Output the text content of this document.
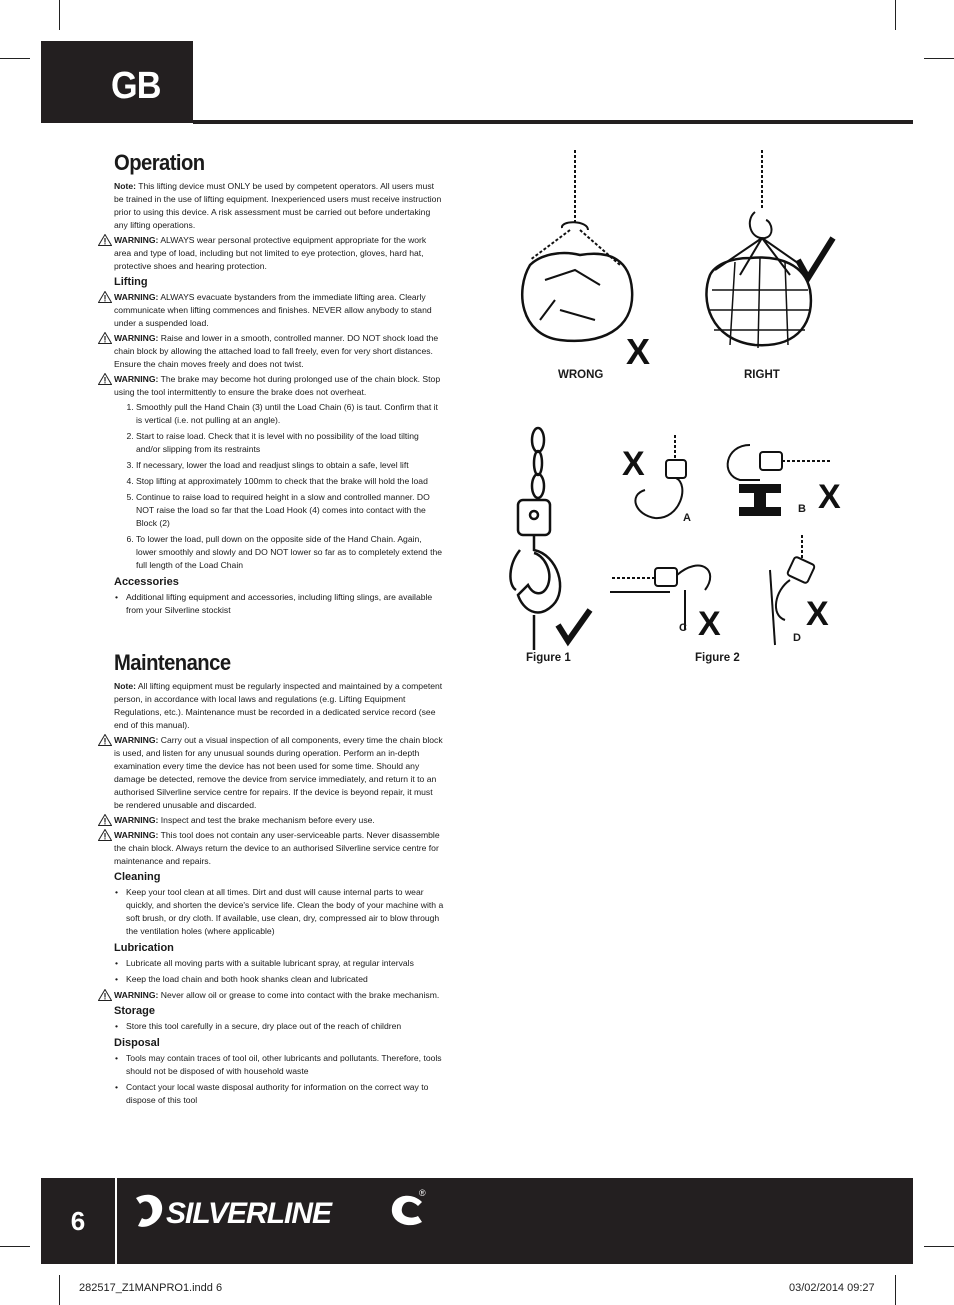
GB
Operation
Note: This lifting device must ONLY be used by competent operators. All users must be trained in the use of lifting equipment. Inexperienced users must receive instruction prior to using this device. A risk assessment must be carried out before undertaking any lifting operations.
WARNING: ALWAYS wear personal protective equipment appropriate for the work area and type of load, including but not limited to eye protection, gloves, hard hat, protective shoes and hearing protection.
Lifting
WARNING: ALWAYS evacuate bystanders from the immediate lifting area. Clearly communicate when lifting commences and finishes. NEVER allow anybody to stand under a suspended load.
WARNING: Raise and lower in a smooth, controlled manner. DO NOT shock load the chain block by allowing the attached load to fall freely, even for very short distances. Ensure the chain moves freely and does not twist.
WARNING: The brake may become hot during prolonged use of the chain block. Stop using the tool intermittently to ensure the brake does not overheat.
1. Smoothly pull the Hand Chain (3) until the Load Chain (6) is taut. Confirm that it is vertical (i.e. not pulling at an angle).
2. Start to raise load. Check that it is level with no possibility of the load tilting and/or slipping from its restraints
3. If necessary, lower the load and readjust slings to obtain a safe, level lift
4. Stop lifting at approximately 100mm to check that the brake will hold the load
5. Continue to raise load to required height in a slow and controlled manner. DO NOT raise the load so far that the Load Hook (4) comes into contact with the Block (2)
6. To lower the load, pull down on the opposite side of the Hand Chain. Again, lower smoothly and slowly and DO NOT lower so far as to completely extend the full length of the Load Chain
Accessories
• Additional lifting equipment and accessories, including lifting slings, are available from your Silverline stockist
Maintenance
Note: All lifting equipment must be regularly inspected and maintained by a competent person, in accordance with local laws and regulations (e.g. Lifting Equipment Regulations, etc.). Maintenance must be recorded in a dedicated service record (see end of this manual).
WARNING: Carry out a visual inspection of all components, every time the chain block is used, and listen for any unusual sounds during operation. Perform an in-depth examination every time the device has not been used for some time. Should any damage be detected, remove the device from service immediately, and return it to an authorised Silverline service centre for repairs. If the device is beyond repair, it must be rendered unusable and discarded.
WARNING: Inspect and test the brake mechanism before every use.
WARNING: This tool does not contain any user-serviceable parts. Never disassemble the chain block. Always return the device to an authorised Silverline service centre for maintenance and repairs.
Cleaning
• Keep your tool clean at all times. Dirt and dust will cause internal parts to wear quickly, and shorten the device's service life. Clean the body of your machine with a soft brush, or dry cloth. If available, use clean, dry, compressed air to blow through the ventilation holes (where applicable)
Lubrication
• Lubricate all moving parts with a suitable lubricant spray, at regular intervals
• Keep the load chain and both hook shanks clean and lubricated
WARNING: Never allow oil or grease to come into contact with the brake mechanism.
Storage
• Store this tool carefully in a secure, dry place out of the reach of children
Disposal
• Tools may contain traces of tool oil, other lubricants and pollutants. Therefore, tools should not be disposed of with household waste
• Contact your local waste disposal authority for information on the correct way to dispose of this tool
X
WRONG	RIGHT
Figure 1
X
X
X	X
A
B
C
D
Figure 2
6	SILVERLINE
®
282517_Z1MANPRO1.indd 6	03/02/2014 09:27
